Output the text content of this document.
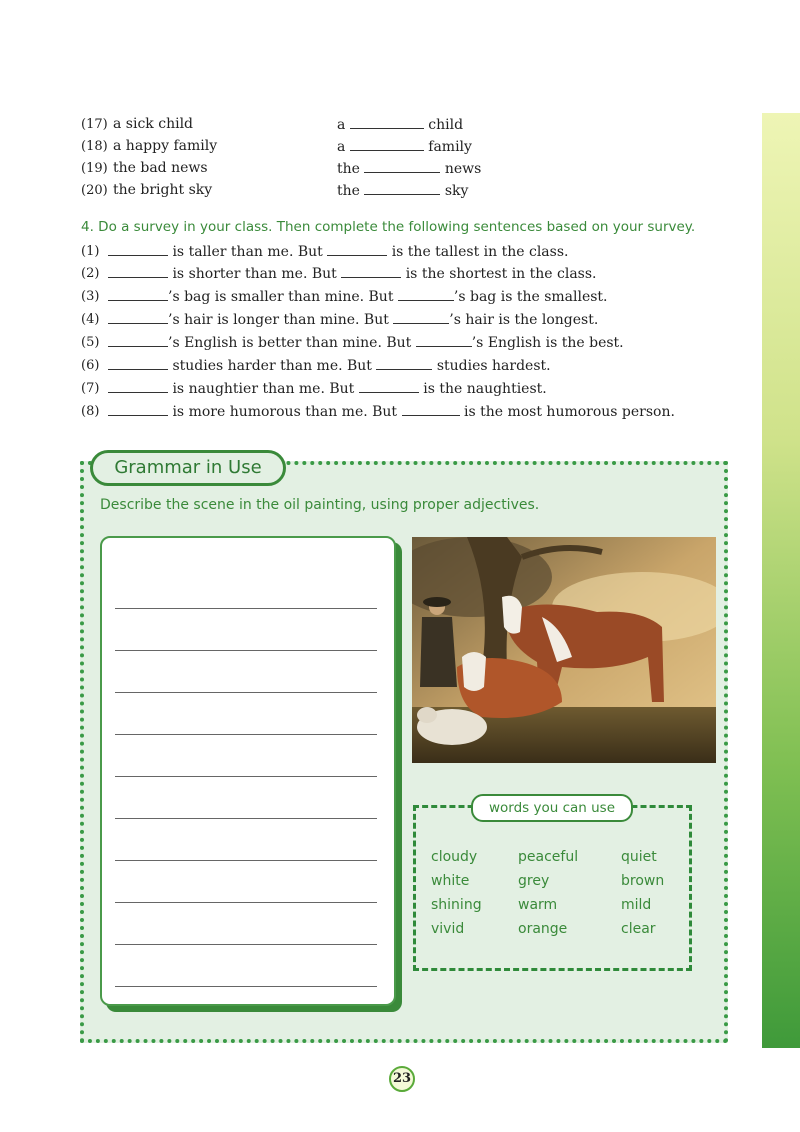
(17) a sick child	a	child
(18) a happy family	a	family
(19) the bad news	the	news
(20) the bright sky	the	sky
4. Do a survey in your class. Then complete the following sentences based on your survey.
(1)	is taller than me. But	is the tallest in the class.
(2)	is shorter than me. But	is the shortest in the class.
(3)	’s bag is smaller than mine. But	’s bag is the smallest.
(4)	’s hair is longer than mine. But	’s hair is the longest.
(5)	’s English is better than mine. But	’s English is the best.
(6)	studies harder than me. But	studies hardest.
(7)	is naughtier than me. But	is the naughtiest.
(8)	is more humorous than me. But	is the most humorous person.
Grammar in Use
Describe the scene in the oil painting, using proper adjectives.
words you can use
cloudy	peaceful	quiet
white	grey	brown
shining	warm	mild
vivid	orange	clear
23
